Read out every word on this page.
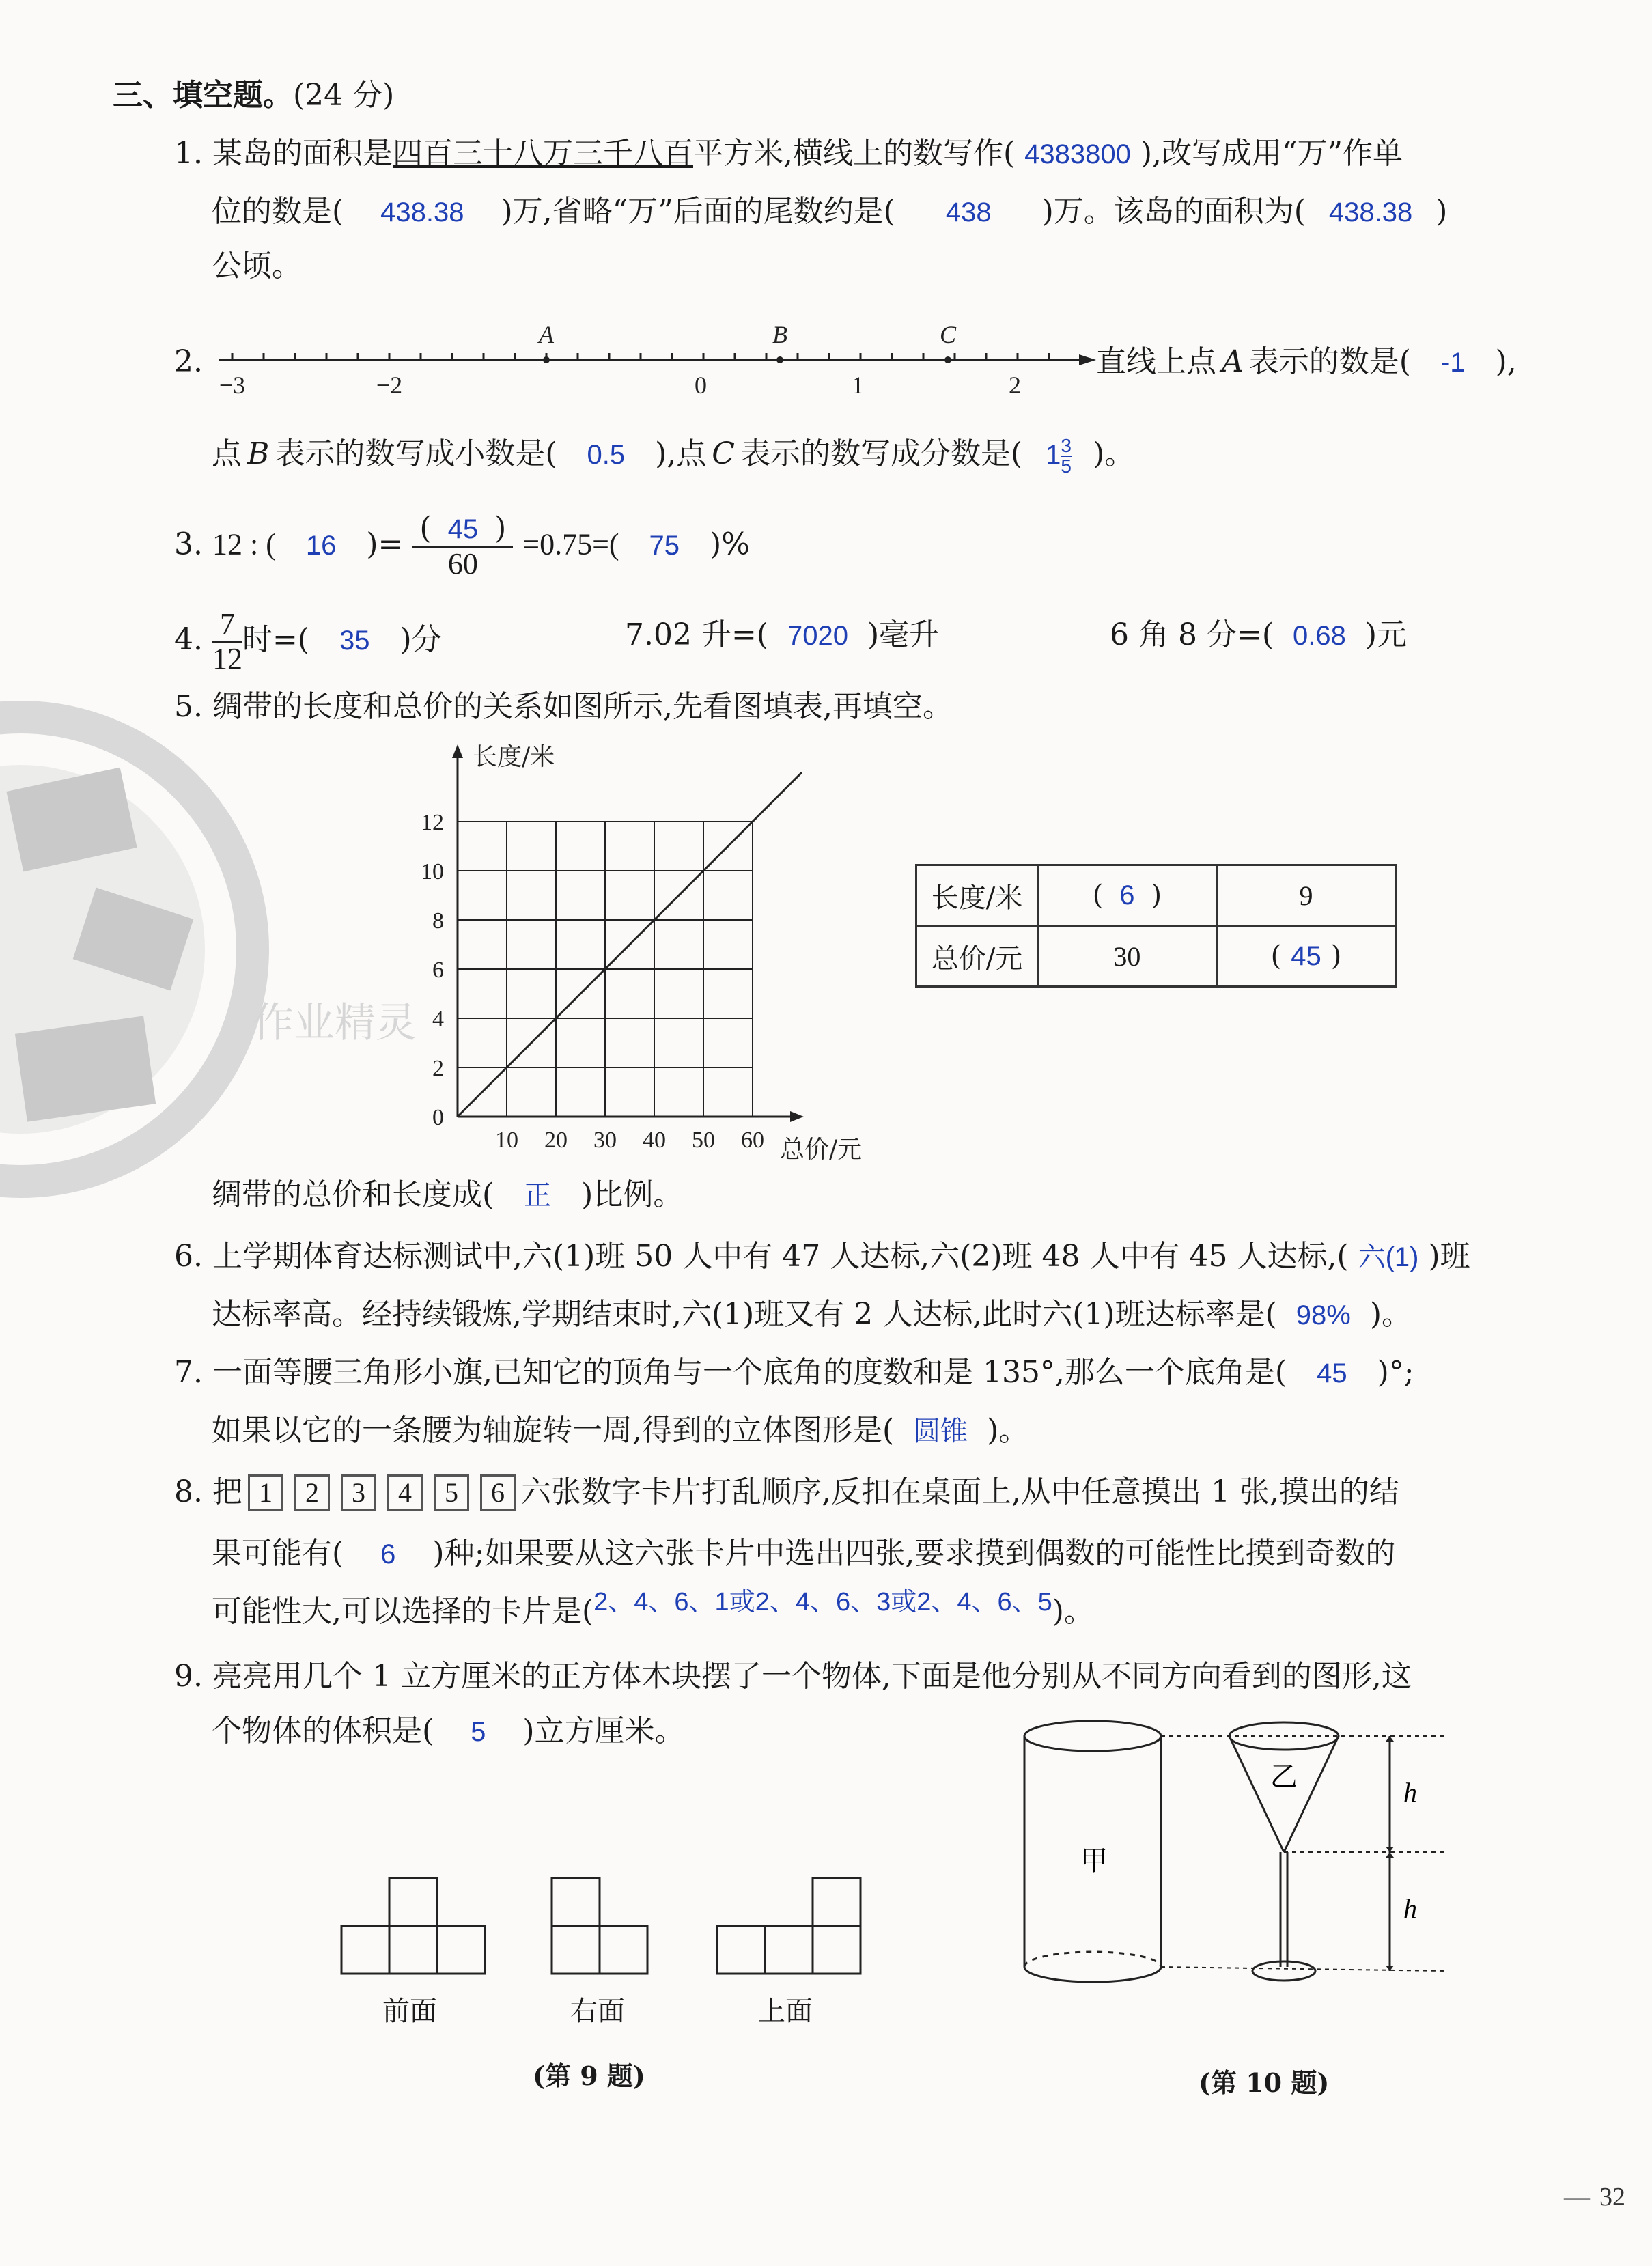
作业精灵
三、填空题。(24 分)
1. 某岛的面积是四百三十八万三千八百平方米,横线上的数写作( 4383800 ),改写成用“万”作单
位的数是( 438.38 )万,省略“万”后面的尾数约是( 438 )万。该岛的面积为( 438.38 )
公顷。
2.
−3	−2	0	1	2
A	B	C
直线上点 A 表示的数是( -1 ),
点 B 表示的数写成小数是( 0.5 ),点 C 表示的数写成分数是( $1 \frac{3}{5}$ )。
3. 12 : ( 16 )= $\frac{( 45 )}{60} =0.75=$( 75 )%
4. $\frac{7}{12}$ 时=( 35 )分	7.02 升=( 7020 )毫升	6 角 8 分=( 0.68 )元
5. 绸带的长度和总价的关系如图所示,先看图填表,再填空。
10 20 30 40 50 60
0
2
4
6
8
10
12
长度/米
总价/元
长度/米	( 6 )	9
总价/元	30	( 45 )
绸带的总价和长度成( 正 )比例。
6. 上学期体育达标测试中,六(1)班 50 人中有 47 人达标,六(2)班 48 人中有 45 人达标,( 六(1) )班
达标率高。经持续锻炼,学期结束时,六(1)班又有 2 人达标,此时六(1)班达标率是( 98% )。
7. 一面等腰三角形小旗,已知它的顶角与一个底角的度数和是 135°,那么一个底角是( 45 )°;
如果以它的一条腰为轴旋转一周,得到的立体图形是( 圆锥 )。
8. 把 1 2 3 4 5 6 六张数字卡片打乱顺序,反扣在桌面上,从中任意摸出 1 张,摸出的结
果可能有( 6 )种;如果要从这六张卡片中选出四张,要求摸到偶数的可能性比摸到奇数的
可能性大,可以选择的卡片是(2、4、6、1或2、4、6、3或2、4、6、5)。
9. 亮亮用几个 1 立方厘米的正方体木块摆了一个物体,下面是他分别从不同方向看到的图形,这
个物体的体积是( 5 )立方厘米。
前面	右面	上面
(第 9 题)
甲
乙	h
h
(第 10 题)
— 32
